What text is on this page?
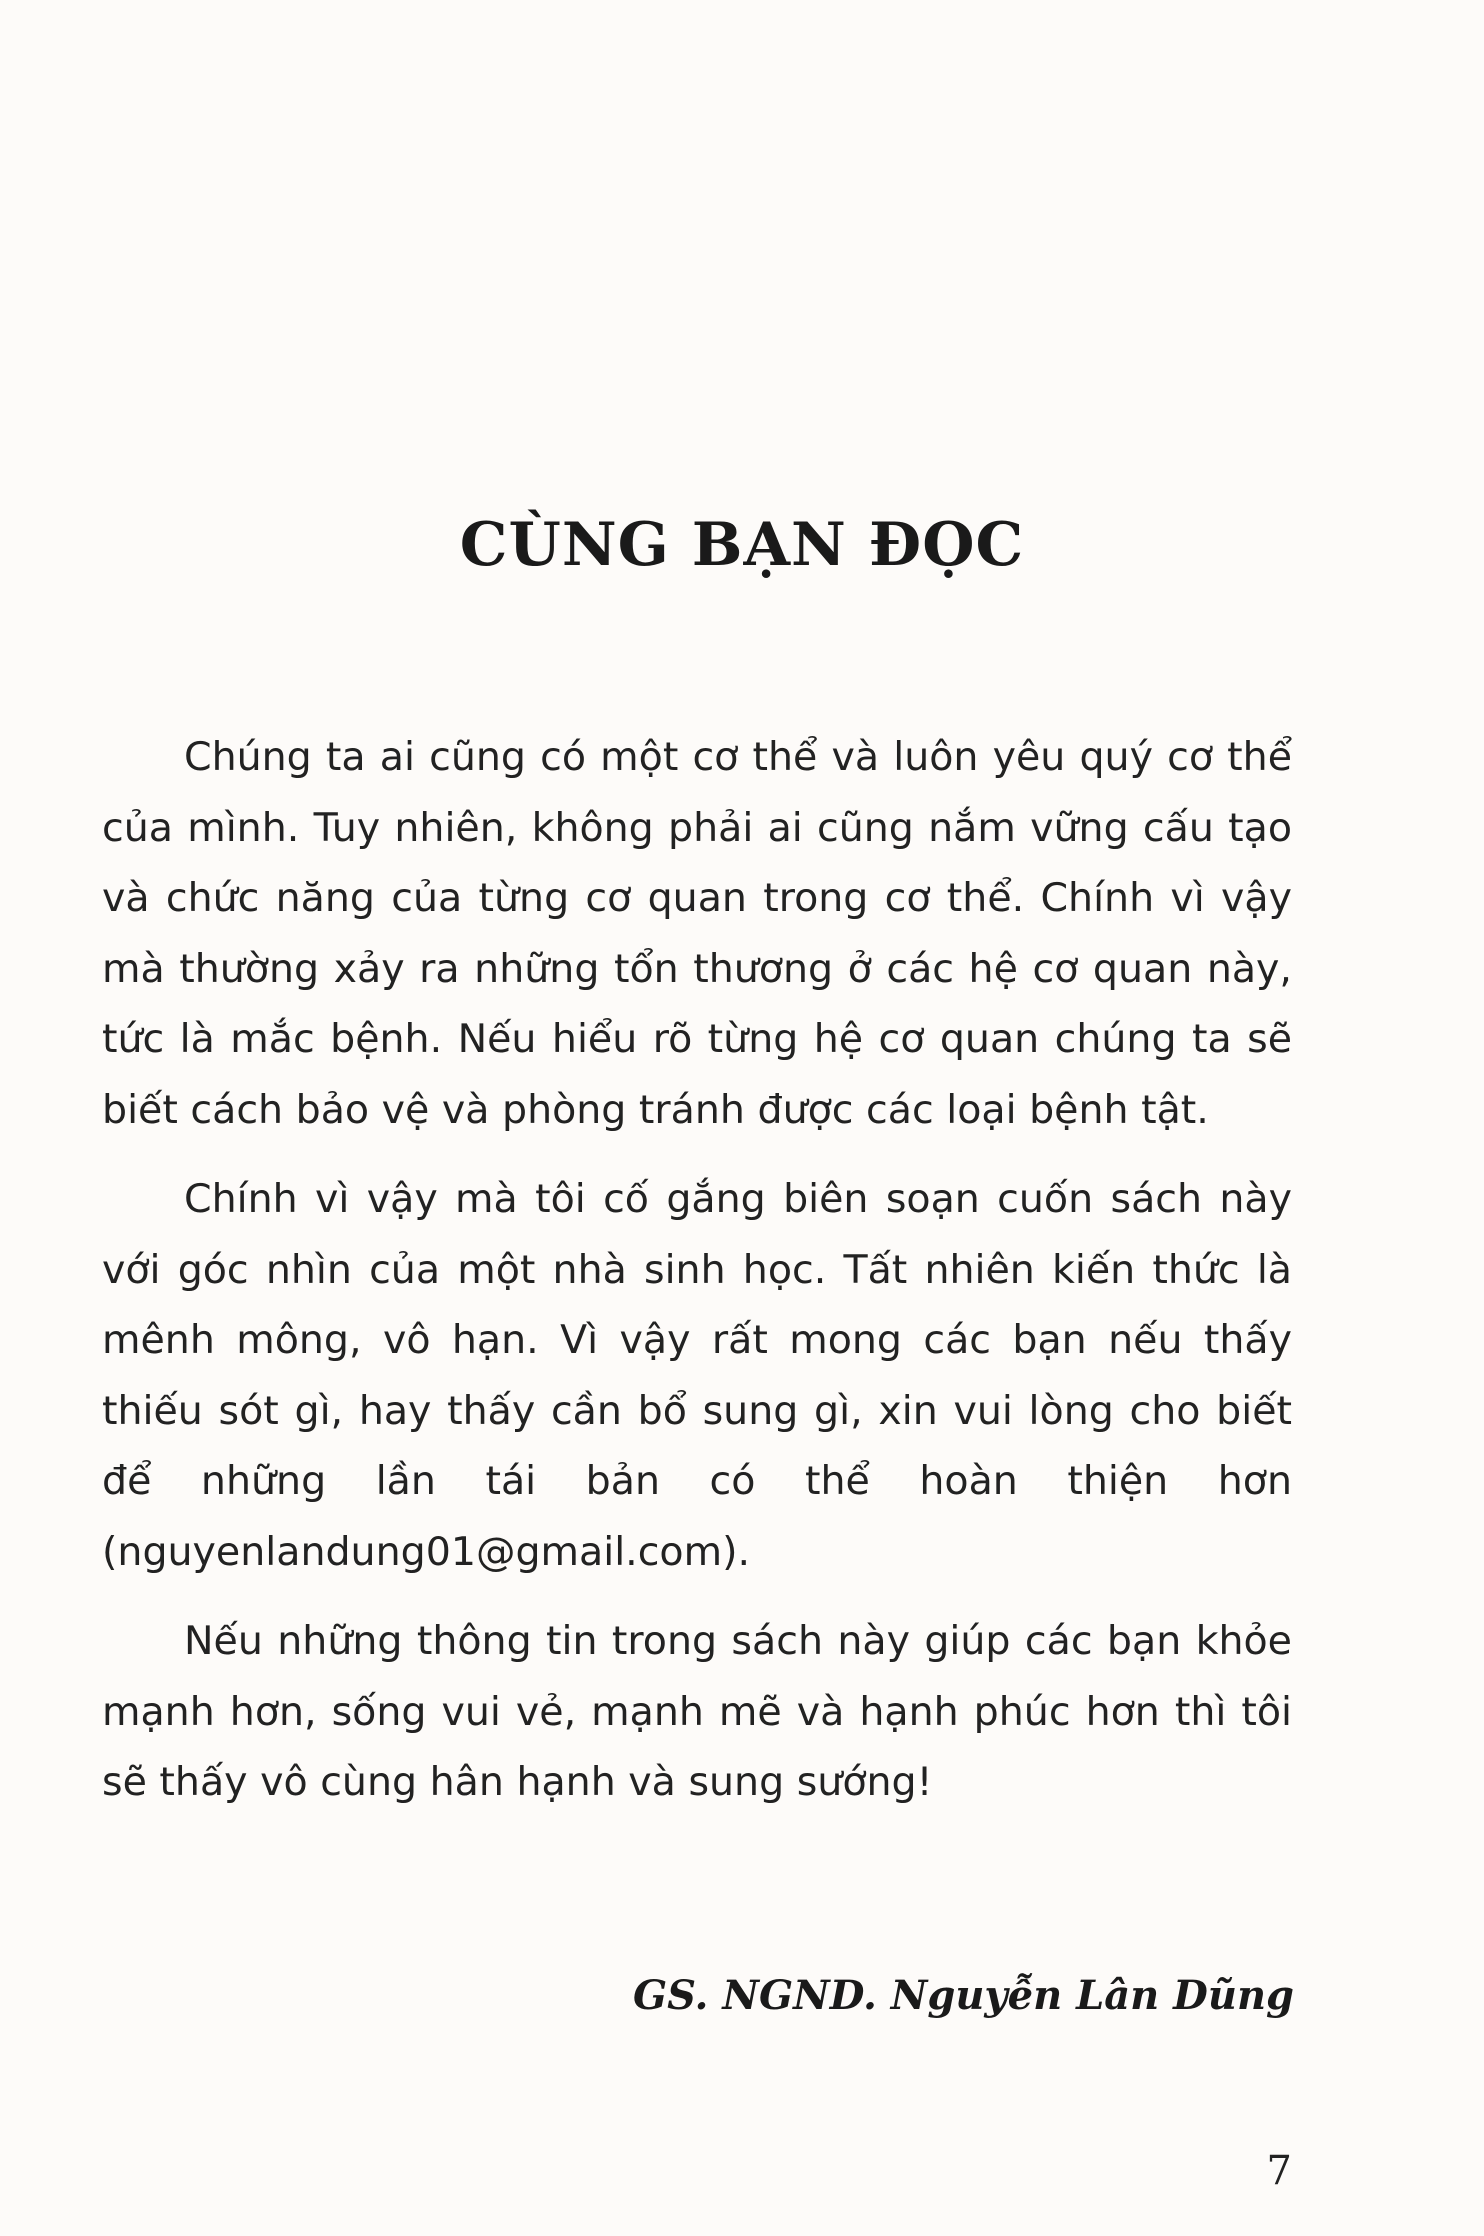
CÙNG BẠN ĐỌC

Chúng ta ai cũng có một cơ thể và luôn yêu quý cơ thể của mình. Tuy nhiên, không phải ai cũng nắm vững cấu tạo và chức năng của từng cơ quan trong cơ thể. Chính vì vậy mà thường xảy ra những tổn thương ở các hệ cơ quan này, tức là mắc bệnh. Nếu hiểu rõ từng hệ cơ quan chúng ta sẽ biết cách bảo vệ và phòng tránh được các loại bệnh tật.

Chính vì vậy mà tôi cố gắng biên soạn cuốn sách này với góc nhìn của một nhà sinh học. Tất nhiên kiến thức là mênh mông, vô hạn. Vì vậy rất mong các bạn nếu thấy thiếu sót gì, hay thấy cần bổ sung gì, xin vui lòng cho biết để những lần tái bản có thể hoàn thiện hơn (nguyenlandung01@gmail.com).

Nếu những thông tin trong sách này giúp các bạn khỏe mạnh hơn, sống vui vẻ, mạnh mẽ và hạnh phúc hơn thì tôi sẽ thấy vô cùng hân hạnh và sung sướng!

GS. NGND. Nguyễn Lân Dũng
7
